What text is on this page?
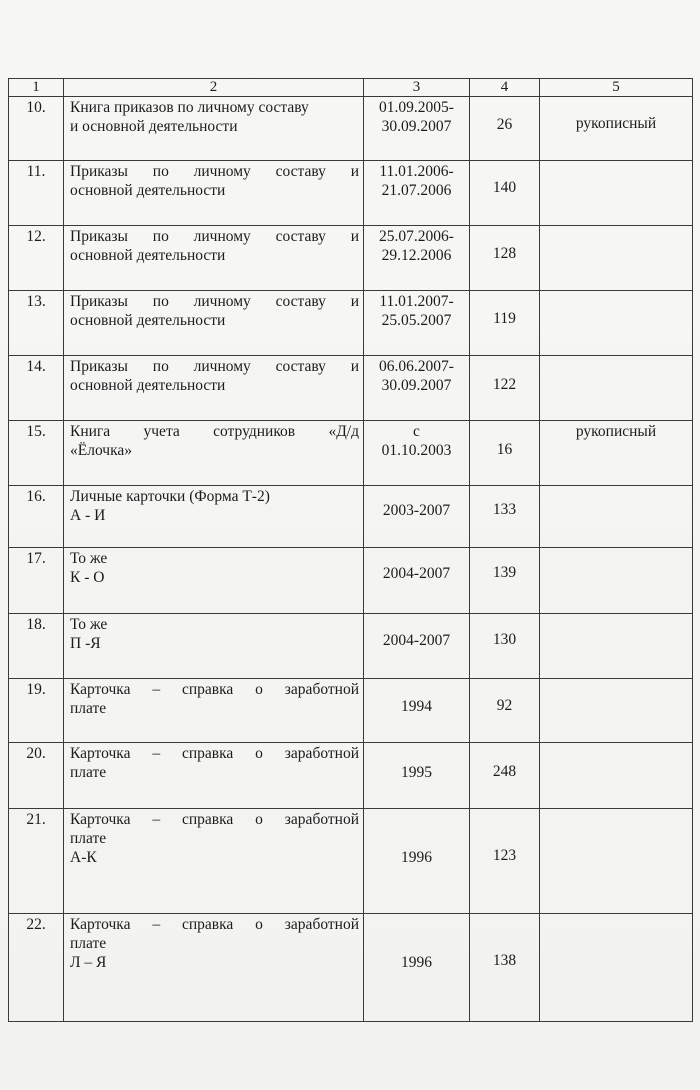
1	2	3	4	5
10.	Книга приказов по личному составу
и основной деятельности	01.09.2005-
30.09.2007	26	рукописный

11.	Приказы по личному составу и
основной деятельности	11.01.2006-
21.07.2006	140	

12.	Приказы по личному составу и
основной деятельности	25.07.2006-
29.12.2006	128	

13.	Приказы по личному составу и
основной деятельности	11.01.2007-
25.05.2007	119	

14.	Приказы по личному составу и
основной деятельности	06.06.2007-
30.09.2007	122	

15.	Книга учета сотрудников «Д/д
«Ёлочка»	с
01.10.2003	16	рукописный

16.	Личные карточки (Форма Т-2)
А - И	2003-2007	133	

17.	То же
К - О	2004-2007	139	

18.	То же
П -Я	2004-2007	130	

19.	Карточка – справка о заработной
плате	1994	92	

20.	Карточка – справка о заработной
плате	1995	248	

21.	Карточка – справка о заработной
плате
А-К	1996	123	

22.	Карточка – справка о заработной
плате
Л – Я	1996	138	
